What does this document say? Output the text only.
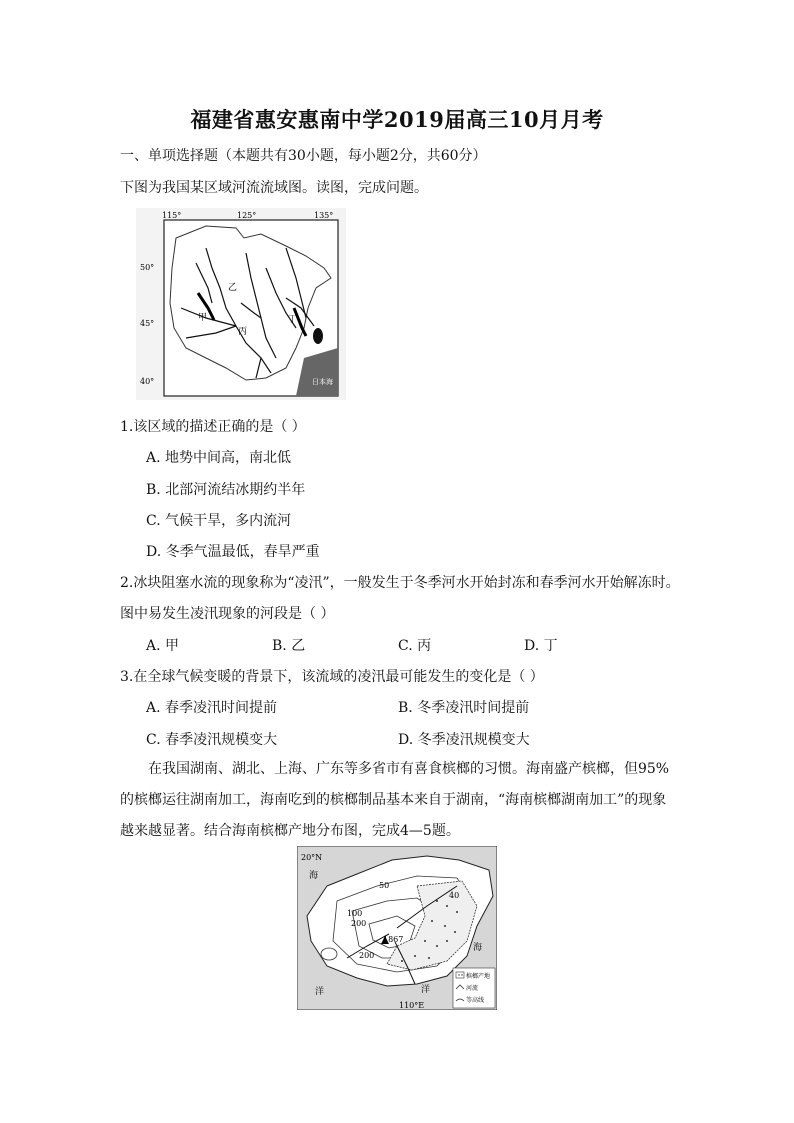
福建省惠安惠南中学2019届高三10月月考
一、单项选择题（本题共有30小题，每小题2分，共60分）
下图为我国某区域河流流域图。读图，完成问题。
115°	125°	135°
50°
45°
40°	日本海
乙
甲
丙
丁
1.该区域的描述正确的是（ ）
A. 地势中间高，南北低
B. 北部河流结冰期约半年
C. 气候干旱，多内流河
D. 冬季气温最低，春旱严重
2.冰块阻塞水流的现象称为“凌汛”，一般发生于冬季河水开始封冻和春季河水开始解冻时。
图中易发生凌汛现象的河段是（ ）
A. 甲	B. 乙	C. 丙	D. 丁
3.在全球气候变暖的背景下，该流域的凌汛最可能发生的变化是（ ）
A. 春季凌汛时间提前	B. 冬季凌汛时间提前
C. 春季凌汛规模变大	D. 冬季凌汛规模变大
在我国湖南、湖北、上海、广东等多省市有喜食槟榔的习惯。海南盛产槟榔，但95%的槟榔运往湖南加工，海南吃到的槟榔制品基本来自于湖南，“海南槟榔湖南加工”的现象越来越显著。结合海南槟榔产地分布图，完成4—5题。
20°N
110°E
50
100
200
200
1867
40
海
海
洋	洋
槟榔产地
河流
等高线
